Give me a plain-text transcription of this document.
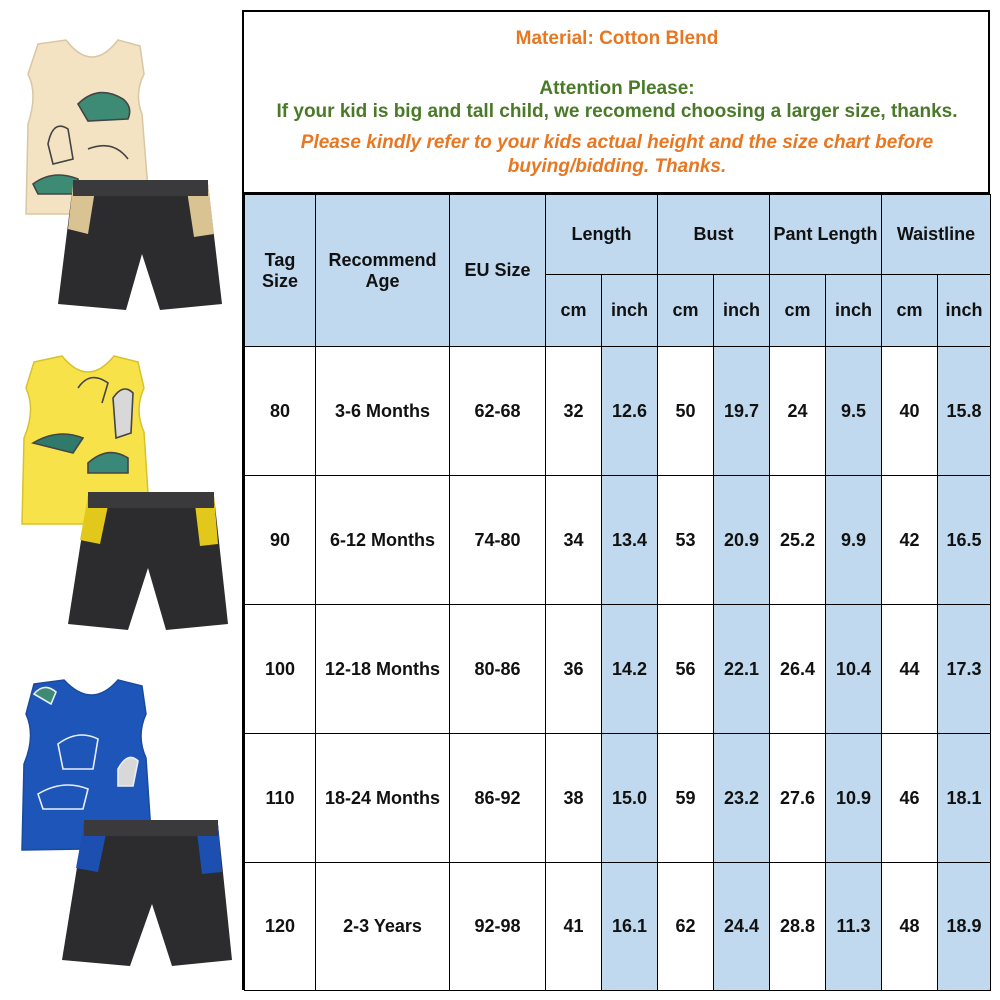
Material: Cotton Blend
Attention Please:
If your kid is big and tall child, we recomend choosing a larger size, thanks.
Please kindly refer to your kids actual height and the size chart before buying/bidding. Thanks.
Tag Size	Recommend Age	EU Size	Length		Bust		Pant Length		Waistline	
			cm	inch	cm	inch	cm	inch	cm	inch
80	3-6 Months	62-68	32	12.6	50	19.7	24	9.5	40	15.8
90	6-12 Months	74-80	34	13.4	53	20.9	25.2	9.9	42	16.5
100	12-18 Months	80-86	36	14.2	56	22.1	26.4	10.4	44	17.3
110	18-24 Months	86-92	38	15.0	59	23.2	27.6	10.9	46	18.1
120	2-3 Years	92-98	41	16.1	62	24.4	28.8	11.3	48	18.9
